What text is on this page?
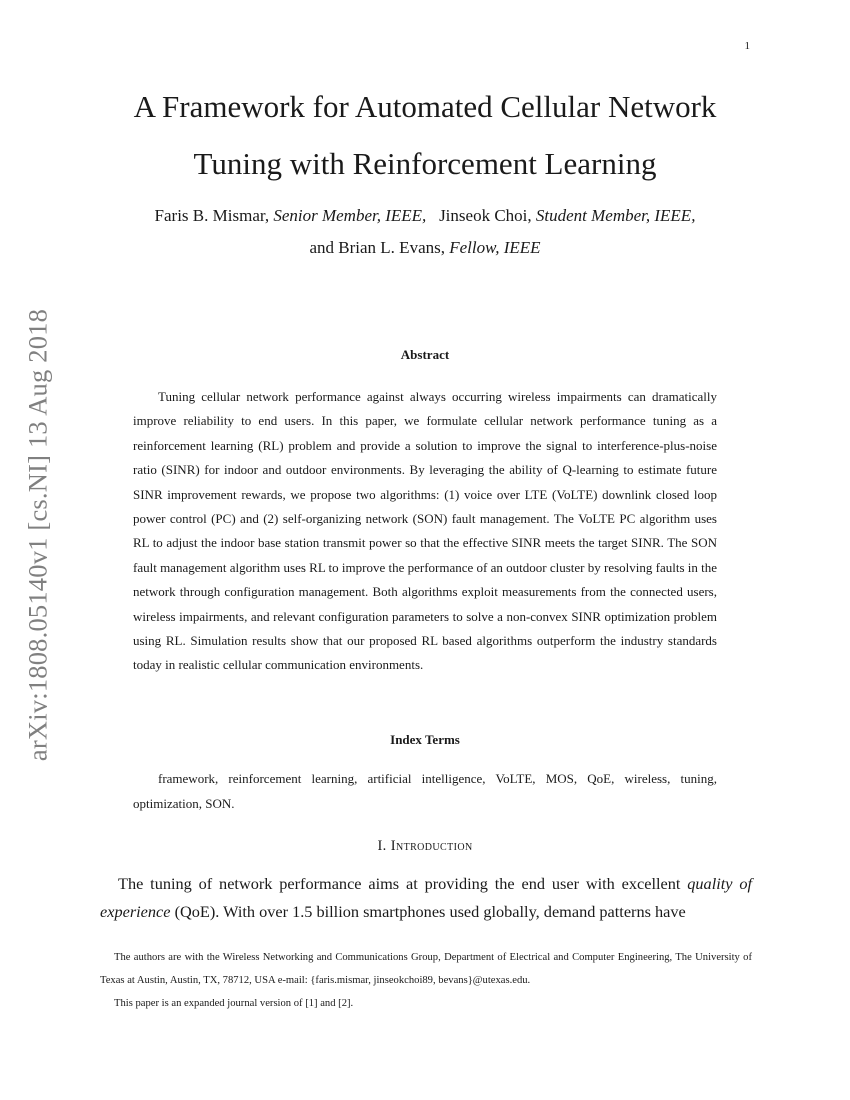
1
arXiv:1808.05140v1 [cs.NI] 13 Aug 2018
A Framework for Automated Cellular Network
Tuning with Reinforcement Learning
Faris B. Mismar, Senior Member, IEEE, Jinseok Choi, Student Member, IEEE,
and Brian L. Evans, Fellow, IEEE
Abstract

Tuning cellular network performance against always occurring wireless impairments can dramatically improve reliability to end users. In this paper, we formulate cellular network performance tuning as a reinforcement learning (RL) problem and provide a solution to improve the signal to interference-plus-noise ratio (SINR) for indoor and outdoor environments. By leveraging the ability of Q-learning to estimate future SINR improvement rewards, we propose two algorithms: (1) voice over LTE (VoLTE) downlink closed loop power control (PC) and (2) self-organizing network (SON) fault management. The VoLTE PC algorithm uses RL to adjust the indoor base station transmit power so that the effective SINR meets the target SINR. The SON fault management algorithm uses RL to improve the performance of an outdoor cluster by resolving faults in the network through configuration management. Both algorithms exploit measurements from the connected users, wireless impairments, and relevant configuration parameters to solve a non-convex SINR optimization problem using RL. Simulation results show that our proposed RL based algorithms outperform the industry standards today in realistic cellular communication environments.

Index Terms

framework, reinforcement learning, artificial intelligence, VoLTE, MOS, QoE, wireless, tuning, optimization, SON.

I. Introduction

The tuning of network performance aims at providing the end user with excellent quality of experience (QoE). With over 1.5 billion smartphones used globally, demand patterns have

The authors are with the Wireless Networking and Communications Group, Department of Electrical and Computer Engineering, The University of Texas at Austin, Austin, TX, 78712, USA e-mail: {faris.mismar, jinseokchoi89, bevans}@utexas.edu.

This paper is an expanded journal version of [1] and [2].
